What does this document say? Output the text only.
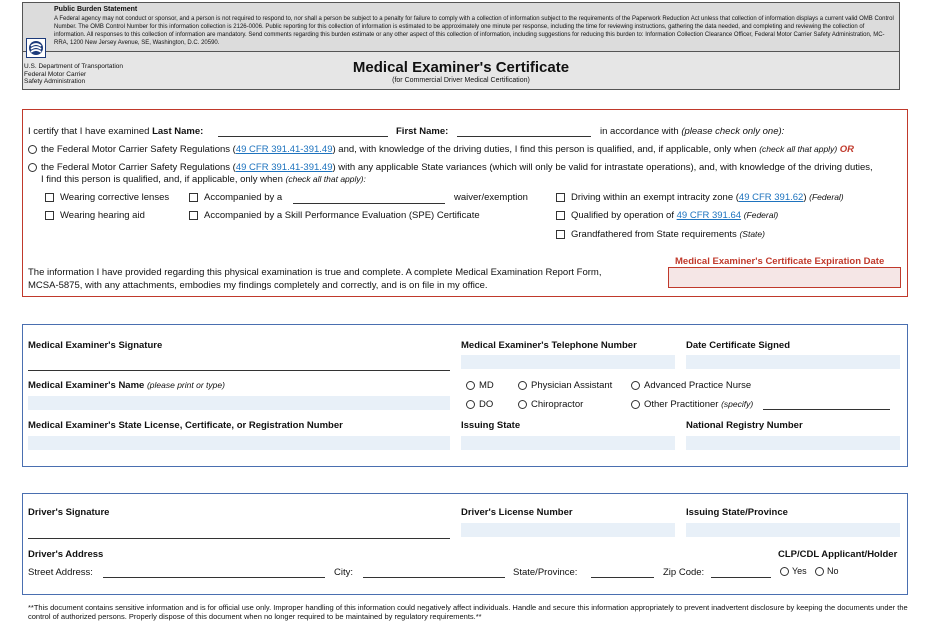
Public Burden Statement
A Federal agency may not conduct or sponsor, and a person is not required to respond to, nor shall a person be subject to a penalty for failure to comply with a collection of information subject to the requirements of the Paperwork Reduction Act unless that collection of information displays a current valid OMB Control Number. The OMB Control Number for this information collection is 2126-0006. Public reporting for this collection of information is estimated to be approximately one minute per response, including the time for reviewing instructions, gathering the data needed, and completing and reviewing the collection of information. All responses to this collection of information are mandatory. Send comments regarding this burden estimate or any other aspect of this collection of information, including suggestions for reducing this burden to: Information Collection Clearance Officer, Federal Motor Carrier Safety Administration, MC-RRA, 1200 New Jersey Avenue, SE, Washington, D.C. 20590.
U.S. Department of Transportation
Federal Motor Carrier
Safety Administration
Medical Examiner's Certificate
(for Commercial Driver Medical Certification)
I certify that I have examined Last Name:	First Name:	in accordance with (please check only one):
the Federal Motor Carrier Safety Regulations (49 CFR 391.41-391.49) and, with knowledge of the driving duties, I find this person is qualified, and, if applicable, only when (check all that apply) OR
the Federal Motor Carrier Safety Regulations (49 CFR 391.41-391.49) with any applicable State variances (which will only be valid for intrastate operations), and, with knowledge of the driving duties,
I find this person is qualified, and, if applicable, only when (check all that apply):
Wearing corrective lenses	Accompanied by a	waiver/exemption	Driving within an exempt intracity zone (49 CFR 391.62) (Federal)
Wearing hearing aid	Accompanied by a Skill Performance Evaluation (SPE) Certificate	Qualified by operation of 49 CFR 391.64 (Federal)
Grandfathered from State requirements (State)
The information I have provided regarding this physical examination is true and complete. A complete Medical Examination Report Form,
MCSA-5875, with any attachments, embodies my findings completely and correctly, and is on file in my office.
Medical Examiner's Certificate Expiration Date
Medical Examiner's Signature	Medical Examiner's Telephone Number	Date Certificate Signed
Medical Examiner's Name (please print or type)	MD	Physician Assistant	Advanced Practice Nurse
DO	Chiropractor	Other Practitioner (specify)
Medical Examiner's State License, Certificate, or Registration Number	Issuing State	National Registry Number
Driver's Signature	Driver's License Number	Issuing State/Province
Driver's Address
Street Address:	City:	State/Province:	Zip Code:
CLP/CDL Applicant/Holder
Yes No
**This document contains sensitive information and is for official use only. Improper handling of this information could negatively affect individuals. Handle and secure this information appropriately to prevent inadvertent disclosure by keeping the documents under the control of authorized persons. Properly dispose of this document when no longer required to be maintained by regulatory requirements.**
